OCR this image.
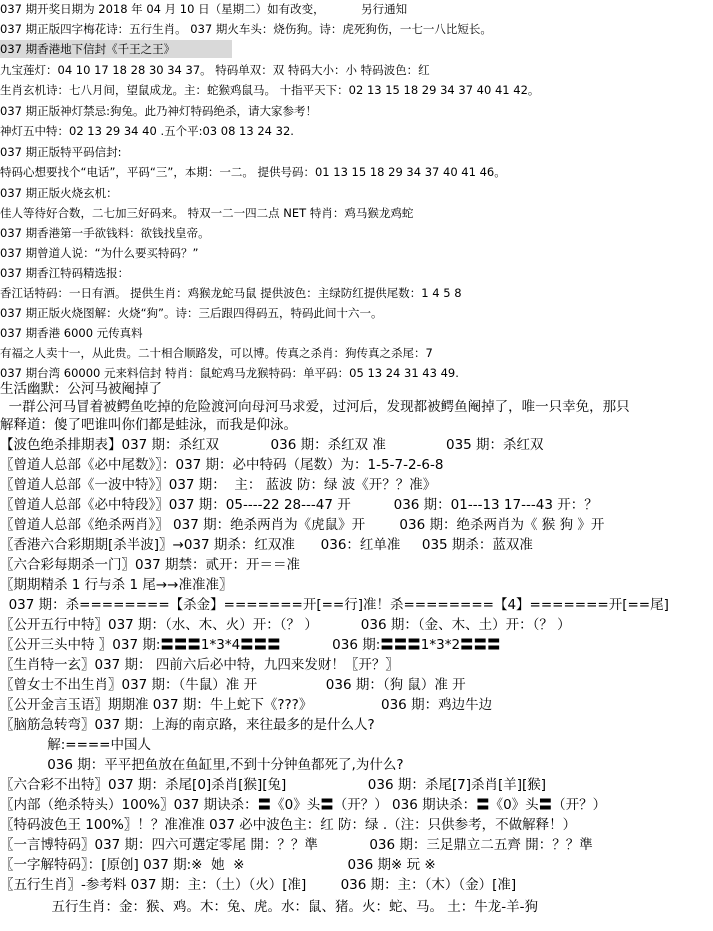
037 期开奖日期为 2018 年 04 月 10 日（星期二）如有改变，          另行通知
037 期正版四字梅花诗：五行生肖。 037 期火车头：烧伤狗。诗：虎死狗伤，一七一八比短长。
037 期香港地下信封《千王之王》
九宝莲灯：04 10 17 18 28 30 34 37。 特码单双：双 特码大小：小 特码波色：红
生肖玄机诗：七八月间，望鼠成龙。主：蛇猴鸡鼠马。 十指平天下：02 13 15 18 29 34 37 40 41 42。
037 期正版神灯禁忌:狗兔。此乃神灯特码绝杀，请大家参考！
神灯五中特：02 13 29 34 40 .五个平:03 08 13 24 32.
037 期正版特平码信封:
特码心想要找个“电话”，平码“三”，本期：一二。 提供号码：01 13 15 18 29 34 37 40 41 46。
037 期正版火烧玄机：
佳人等待好合数，二七加三好码来。 特双一二一四二点 NET 特肖：鸡马猴龙鸡蛇
037 期香港第一手欲钱料：欲钱找皇帝。
037 期曾道人说：“为什么要买特码？”
037 期香江特码精选报：
香江话特码：一日有酒。 提供生肖：鸡猴龙蛇马鼠 提供波色：主绿防红提供尾数：1 4 5 8
037 期正版火烧图解：火烧“狗”。诗：三后跟四得码五，特码此间十六一。
037 期香港 6000 元传真料
有福之人卖十一，从此贵。二十相合顺路发，可以博。传真之杀肖：狗传真之杀尾：7
037 期台湾 60000 元来料信封 特肖：鼠蛇鸡马龙猴特码：单平码：05 13 24 31 43 49.
生活幽默：公河马被阉掉了
一群公河马冒着被鳄鱼吃掉的危险渡河向母河马求爱，过河后，发现都被鳄鱼阉掉了，唯一只幸免，那只
解释道：傻了吧谁叫你们都是蛙泳，而我是仰泳。
【波色绝杀排期表】037 期：杀红双            036 期：杀红双 准              035 期：杀红双
〖曾道人总部《必中尾数》〗：037 期：必中特码（尾数）为：1-5-7-2-6-8
〖曾道人总部《一波中特》〗037 期：  主： 蓝波 防：绿 波《开？？准》
〖曾道人总部《必中特段》〗037 期：05----22 28---47 开          036 期：01---13 17---43 开：？
〖曾道人总部《绝杀两肖》〗 037 期：绝杀两肖为《虎鼠》开        036 期：绝杀两肖为《 猴 狗 》开
〖香港六合彩期期[杀半波]〗→037 期杀：红双准      036：红单准     035 期杀：蓝双准
〖六合彩每期杀一门〗037 期禁：贰开：开＝＝准
〖期期精杀 1 行与杀 1 尾→→准准准〗
037 期：杀========【杀金】=======开[==行]准！杀========【4】=======开[==尾]
〖公开五行中特〗037 期：（水、木、火）开：（？ ）          036 期：（金、木、土）开：（？ ）
〖公开三头中特 〗037 期:〓〓〓1*3*4〓〓〓            036 期:〓〓〓1*3*2〓〓〓
〖生肖特一玄〗037 期： 四前六后必中特，九四来发财！〖开？〗
〖曾女士不出生肖〗037 期：（牛鼠）准 开                036 期：（狗 鼠）准 开
〖公开金言玉语〗期期准 037 期：牛上蛇下《???》                036 期：鸡边牛边
〖脑筋急转弯〗037 期：上海的南京路，来往最多的是什么人?
解:====中国人
036 期：平平把鱼放在鱼缸里,不到十分钟鱼都死了,为什么?
〖六合彩不出特〗037 期：杀尾[0]杀肖[猴][兔]                   036 期：杀尾[7]杀肖[羊][猴]
〖内部（绝杀特头）100%〗037 期诀杀：〓《0》头〓（开？） 036 期诀杀：〓《0》头〓（开？）
〖特码波色王 100%〗！？准准准 037 必中波色主：红 防：绿 .（注：只供参考，不做解释！）
〖一言博特码〗037 期：四六可選定零尾 開：？？準            036 期：三足鼎立二五齊 開：？？準
〖一字解特码〗：[原创] 037 期:※  她  ※                        036 期※ 玩 ※
〖五行生肖〗-参考料 037 期：主：（土）（火）[准]        036 期：主：（木）（金）[准]
五行生肖：金：猴、鸡。木：兔、虎。水：鼠、猪。火：蛇、马。 土：牛龙-羊-狗
